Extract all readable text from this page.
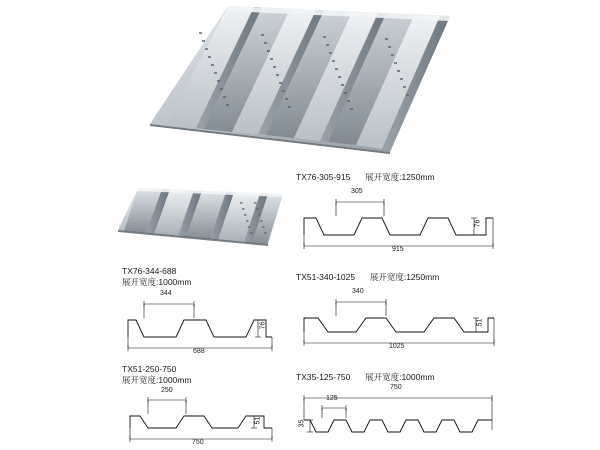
TX76-305-915 展开宽度:1250mm
305
76
915
TX76-344-688
展开宽度:1000mm
344
76
688
TX51-340-1025 展开宽度:1250mm
340
51
1025
TX51-250-750
展开宽度:1000mm
250
51
750
TX35-125-750 展开宽度:1000mm
125
750
35
